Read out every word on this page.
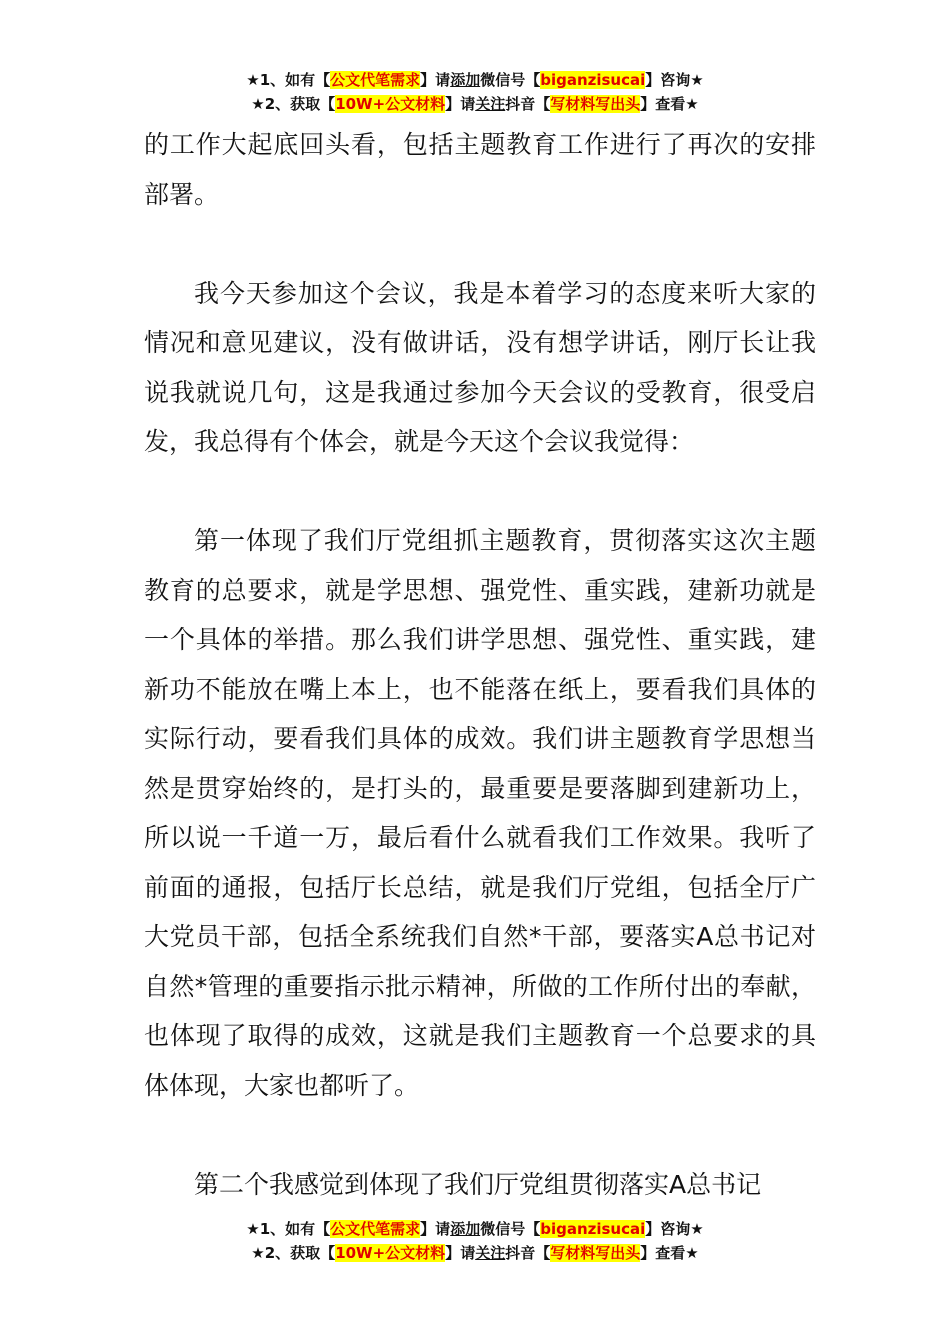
★1、如有【公文代笔需求】请添加微信号【biganzisucai】咨询★
★2、获取【10W+公文材料】请关注抖音【写材料写出头】查看★

的工作大起底回头看，包括主题教育工作进行了再次的安排部署。

我今天参加这个会议，我是本着学习的态度来听大家的情况和意见建议，没有做讲话，没有想学讲话，刚厅长让我说我就说几句，这是我通过参加今天会议的受教育，很受启发，我总得有个体会，就是今天这个会议我觉得：

第一体现了我们厅党组抓主题教育，贯彻落实这次主题教育的总要求，就是学思想、强党性、重实践，建新功就是一个具体的举措。那么我们讲学思想、强党性、重实践，建新功不能放在嘴上本上，也不能落在纸上，要看我们具体的实际行动，要看我们具体的成效。我们讲主题教育学思想当然是贯穿始终的，是打头的，最重要是要落脚到建新功上，所以说一千道一万，最后看什么就看我们工作效果。我听了前面的通报，包括厅长总结，就是我们厅党组，包括全厅广大党员干部，包括全系统我们自然*干部，要落实A总书记对自然*管理的重要指示批示精神，所做的工作所付出的奉献，也体现了取得的成效，这就是我们主题教育一个总要求的具体体现，大家也都听了。

第二个我感觉到体现了我们厅党组贯彻落实A总书记

★1、如有【公文代笔需求】请添加微信号【biganzisucai】咨询★
★2、获取【10W+公文材料】请关注抖音【写材料写出头】查看★
